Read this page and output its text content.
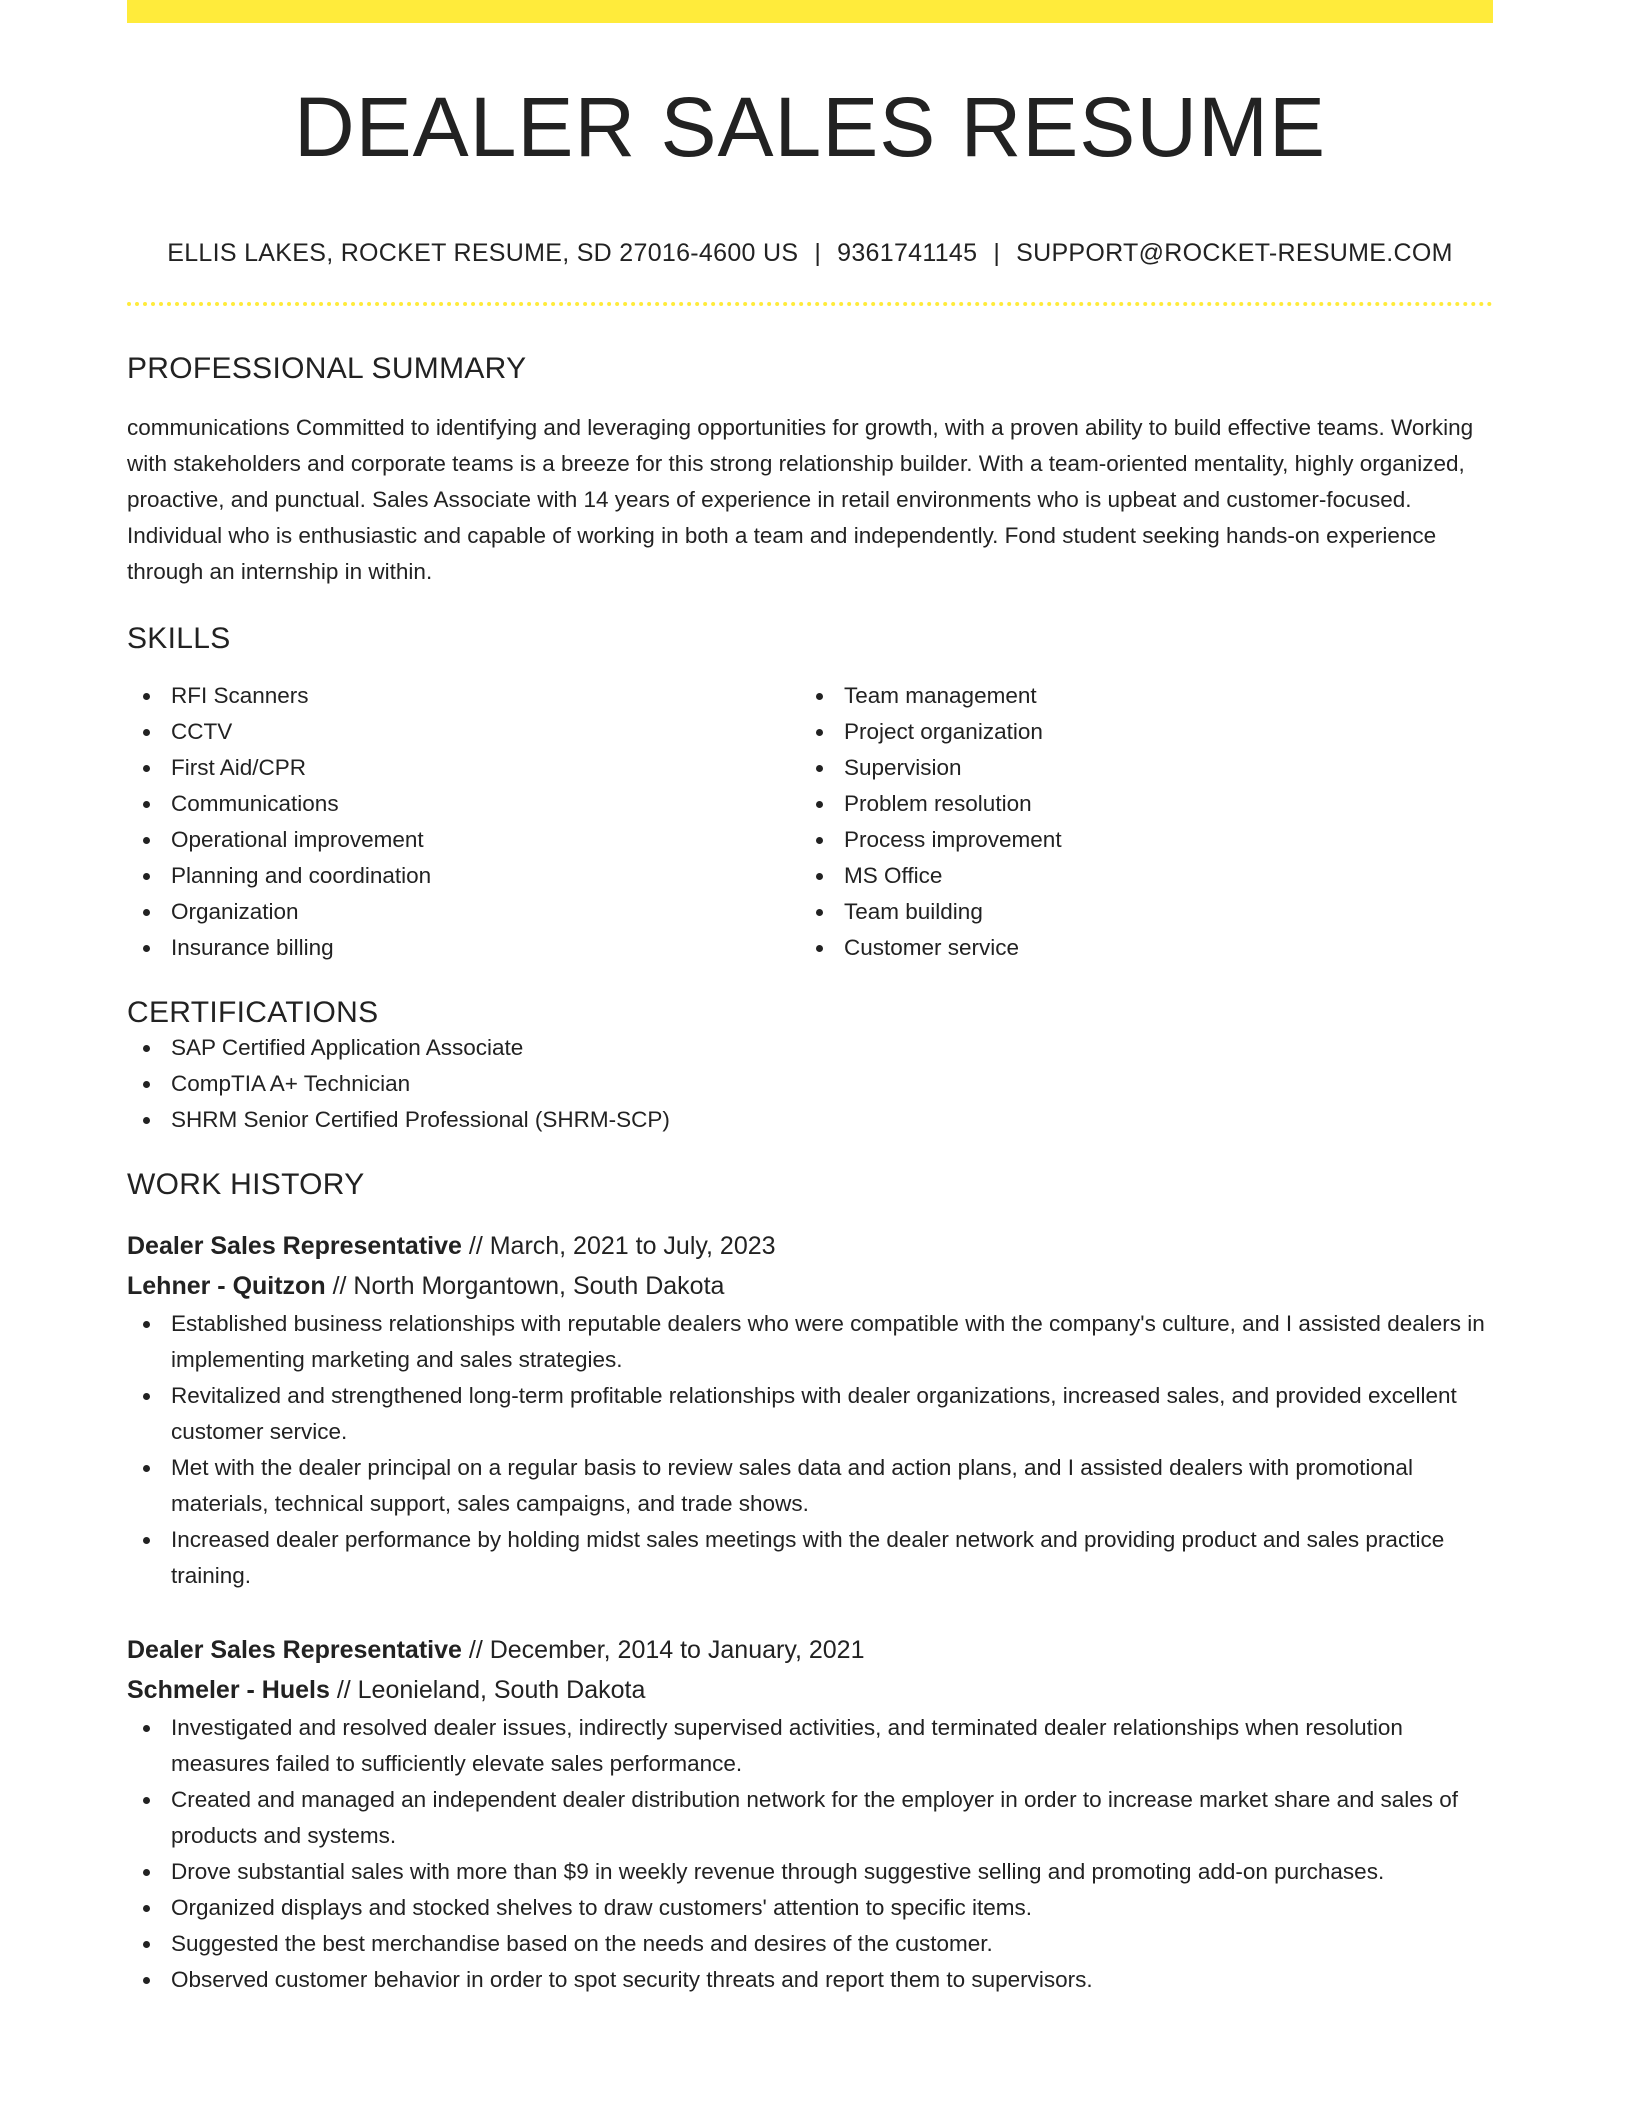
DEALER SALES RESUME
ELLIS LAKES, ROCKET RESUME, SD 27016-4600 US | 9361741145 | SUPPORT@ROCKET-RESUME.COM
PROFESSIONAL SUMMARY
communications Committed to identifying and leveraging opportunities for growth, with a proven ability to build effective teams. Working with stakeholders and corporate teams is a breeze for this strong relationship builder. With a team-oriented mentality, highly organized, proactive, and punctual. Sales Associate with 14 years of experience in retail environments who is upbeat and customer-focused. Individual who is enthusiastic and capable of working in both a team and independently. Fond student seeking hands-on experience through an internship in within.
SKILLS
RFI Scanners
CCTV
First Aid/CPR
Communications
Operational improvement
Planning and coordination
Organization
Insurance billing
Team management
Project organization
Supervision
Problem resolution
Process improvement
MS Office
Team building
Customer service
CERTIFICATIONS
SAP Certified Application Associate
CompTIA A+ Technician
SHRM Senior Certified Professional (SHRM-SCP)
WORK HISTORY
Dealer Sales Representative // March, 2021 to July, 2023
Lehner - Quitzon // North Morgantown, South Dakota
Established business relationships with reputable dealers who were compatible with the company's culture, and I assisted dealers in implementing marketing and sales strategies.
Revitalized and strengthened long-term profitable relationships with dealer organizations, increased sales, and provided excellent customer service.
Met with the dealer principal on a regular basis to review sales data and action plans, and I assisted dealers with promotional materials, technical support, sales campaigns, and trade shows.
Increased dealer performance by holding midst sales meetings with the dealer network and providing product and sales practice training.
Dealer Sales Representative // December, 2014 to January, 2021
Schmeler - Huels // Leonieland, South Dakota
Investigated and resolved dealer issues, indirectly supervised activities, and terminated dealer relationships when resolution measures failed to sufficiently elevate sales performance.
Created and managed an independent dealer distribution network for the employer in order to increase market share and sales of products and systems.
Drove substantial sales with more than $9 in weekly revenue through suggestive selling and promoting add-on purchases.
Organized displays and stocked shelves to draw customers' attention to specific items.
Suggested the best merchandise based on the needs and desires of the customer.
Observed customer behavior in order to spot security threats and report them to supervisors.
